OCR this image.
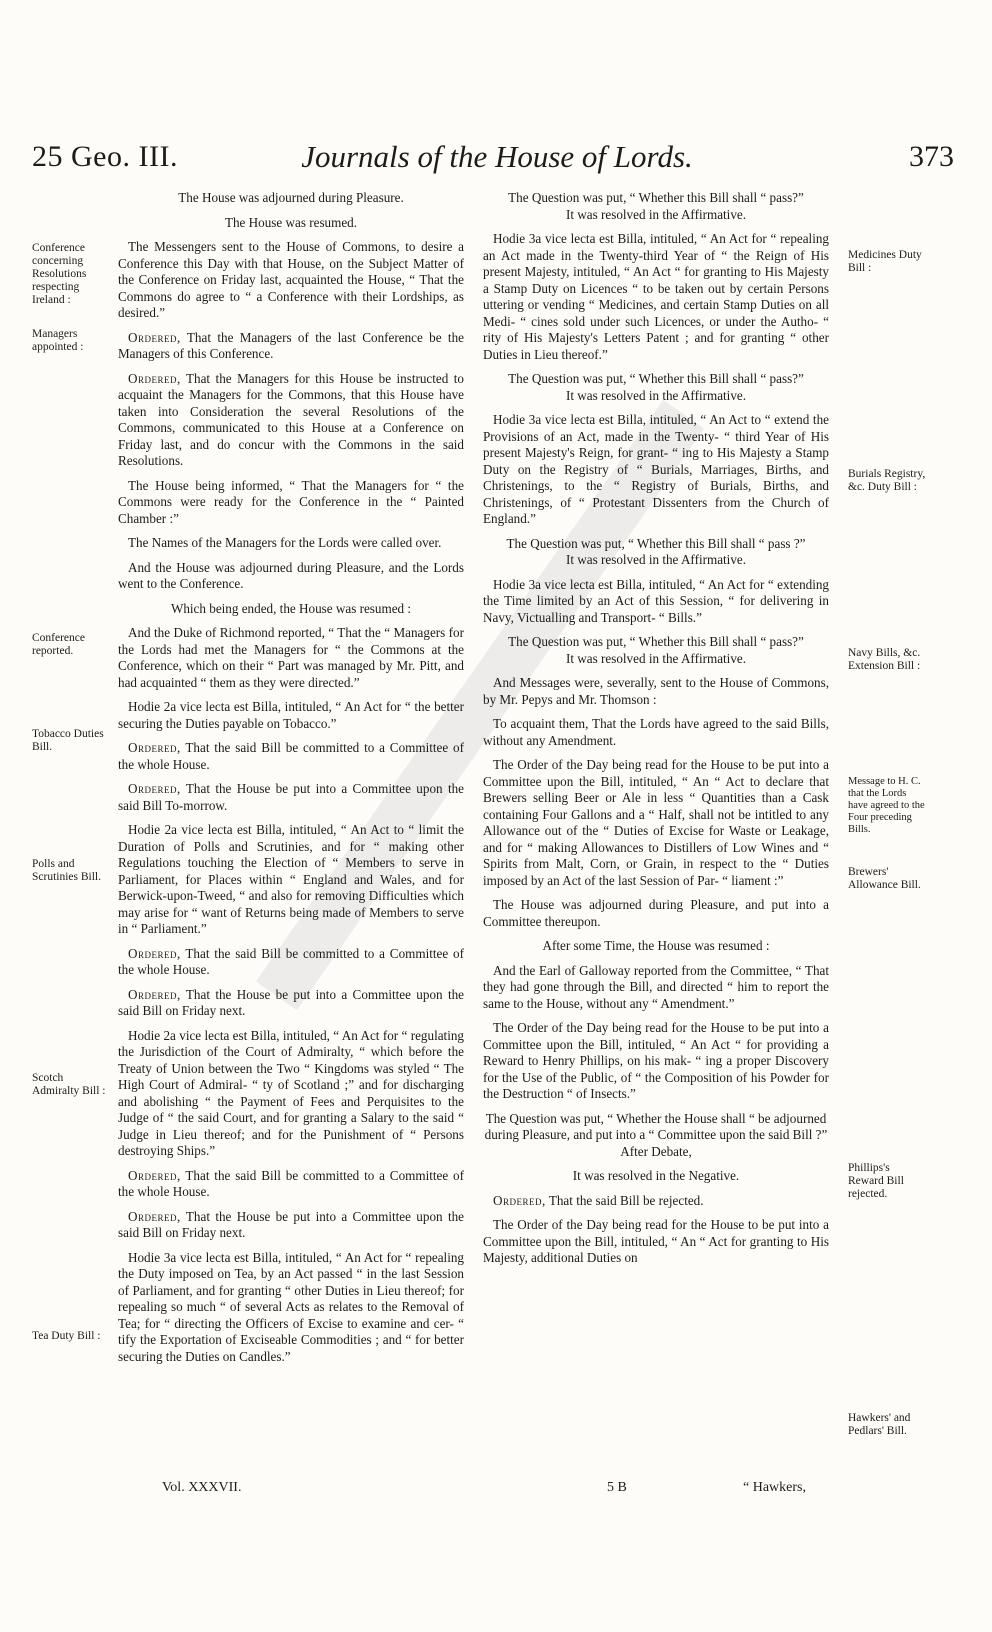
25 Geo. III.	Journals of the House of Lords.	373

The House was adjourned during Pleasure.

The House was resumed.

The Messengers sent to the House of Commons, to desire a Conference this Day with that House, on the Subject Matter of the Conference on Friday last, acquainted the House, “ That the Commons do agree to “ a Conference with their Lordships, as desired.”

Ordered, That the Managers of the last Conference be the Managers of this Conference.

Ordered, That the Managers for this House be instructed to acquaint the Managers for the Commons, that this House have taken into Consideration the several Resolutions of the Commons, communicated to this House at a Conference on Friday last, and do concur with the Commons in the said Resolutions.

The House being informed, “ That the Managers for “ the Commons were ready for the Conference in the “ Painted Chamber :”

The Names of the Managers for the Lords were called over.

And the House was adjourned during Pleasure, and the Lords went to the Conference.

Which being ended, the House was resumed :

And the Duke of Richmond reported, “ That the “ Managers for the Lords had met the Managers for “ the Commons at the Conference, which on their “ Part was managed by Mr. Pitt, and had acquainted “ them as they were directed.”

Hodie 2a vice lecta est Billa, intituled, “ An Act for “ the better securing the Duties payable on Tobacco.”

Ordered, That the said Bill be committed to a Committee of the whole House.

Ordered, That the House be put into a Committee upon the said Bill To-morrow.

Hodie 2a vice lecta est Billa, intituled, “ An Act to “ limit the Duration of Polls and Scrutinies, and for “ making other Regulations touching the Election of “ Members to serve in Parliament, for Places within “ England and Wales, and for Berwick-upon-Tweed, “ and also for removing Difficulties which may arise for “ want of Returns being made of Members to serve in “ Parliament.”

Ordered, That the said Bill be committed to a Committee of the whole House.

Ordered, That the House be put into a Committee upon the said Bill on Friday next.

Hodie 2a vice lecta est Billa, intituled, “ An Act for “ regulating the Jurisdiction of the Court of Admiralty, “ which before the Treaty of Union between the Two “ Kingdoms was styled “ The High Court of Admiral- “ ty of Scotland ;” and for discharging and abolishing “ the Payment of Fees and Perquisites to the Judge of “ the said Court, and for granting a Salary to the said “ Judge in Lieu thereof; and for the Punishment of “ Persons destroying Ships.”

Ordered, That the said Bill be committed to a Committee of the whole House.

Ordered, That the House be put into a Committee upon the said Bill on Friday next.

Hodie 3a vice lecta est Billa, intituled, “ An Act for “ repealing the Duty imposed on Tea, by an Act passed “ in the last Session of Parliament, and for granting “ other Duties in Lieu thereof; for repealing so much “ of several Acts as relates to the Removal of Tea; for “ directing the Officers of Excise to examine and cer- “ tify the Exportation of Exciseable Commodities ; and “ for better securing the Duties on Candles.”

The Question was put, “ Whether this Bill shall “ pass?”

It was resolved in the Affirmative.

Hodie 3a vice lecta est Billa, intituled, “ An Act for “ repealing an Act made in the Twenty-third Year of “ the Reign of His present Majesty, intituled, “ An Act “ for granting to His Majesty a Stamp Duty on Licences “ to be taken out by certain Persons uttering or vending “ Medicines, and certain Stamp Duties on all Medi- “ cines sold under such Licences, or under the Autho- “ rity of His Majesty's Letters Patent ; and for granting “ other Duties in Lieu thereof.”

The Question was put, “ Whether this Bill shall “ pass?”

It was resolved in the Affirmative.

Hodie 3a vice lecta est Billa, intituled, “ An Act to “ extend the Provisions of an Act, made in the Twenty- “ third Year of His present Majesty's Reign, for grant- “ ing to His Majesty a Stamp Duty on the Registry of “ Burials, Marriages, Births, and Christenings, to the “ Registry of Burials, Births, and Christenings, of “ Protestant Dissenters from the Church of England.”

The Question was put, “ Whether this Bill shall “ pass ?”

It was resolved in the Affirmative.

Hodie 3a vice lecta est Billa, intituled, “ An Act for “ extending the Time limited by an Act of this Session, “ for delivering in Navy, Victualling and Transport- “ Bills.”

The Question was put, “ Whether this Bill shall “ pass?”

It was resolved in the Affirmative.

And Messages were, severally, sent to the House of Commons, by Mr. Pepys and Mr. Thomson :

To acquaint them, That the Lords have agreed to the said Bills, without any Amendment.

The Order of the Day being read for the House to be put into a Committee upon the Bill, intituled, “ An “ Act to declare that Brewers selling Beer or Ale in less “ Quantities than a Cask containing Four Gallons and a “ Half, shall not be intitled to any Allowance out of the “ Duties of Excise for Waste or Leakage, and for “ making Allowances to Distillers of Low Wines and “ Spirits from Malt, Corn, or Grain, in respect to the “ Duties imposed by an Act of the last Session of Par- “ liament :”

The House was adjourned during Pleasure, and put into a Committee thereupon.

After some Time, the House was resumed :

And the Earl of Galloway reported from the Committee, “ That they had gone through the Bill, and directed “ him to report the same to the House, without any “ Amendment.”

The Order of the Day being read for the House to be put into a Committee upon the Bill, intituled, “ An Act “ for providing a Reward to Henry Phillips, on his mak- “ ing a proper Discovery for the Use of the Public, of “ the Composition of his Powder for the Destruction “ of Insects.”

The Question was put, “ Whether the House shall “ be adjourned during Pleasure, and put into a “ Committee upon the said Bill ?”

After Debate,

It was resolved in the Negative.

Ordered, That the said Bill be rejected.

The Order of the Day being read for the House to be put into a Committee upon the Bill, intituled, “ An “ Act for granting to His Majesty, additional Duties on

Conference concerning Resolutions respecting Ireland :
Managers appointed :
Conference reported.
Tobacco Duties Bill.
Polls and Scrutinies Bill.
Scotch Admiralty Bill :
Tea Duty Bill :
Medicines Duty Bill :
Burials Registry, &c. Duty Bill :
Navy Bills, &c. Extension Bill :
Message to H. C. that the Lords have agreed to the Four preceding Bills.
Brewers' Allowance Bill.
Phillips's Reward Bill rejected.
Hawkers' and Pedlars' Bill.
Vol. XXXVII.	5 B	“ Hawkers,
